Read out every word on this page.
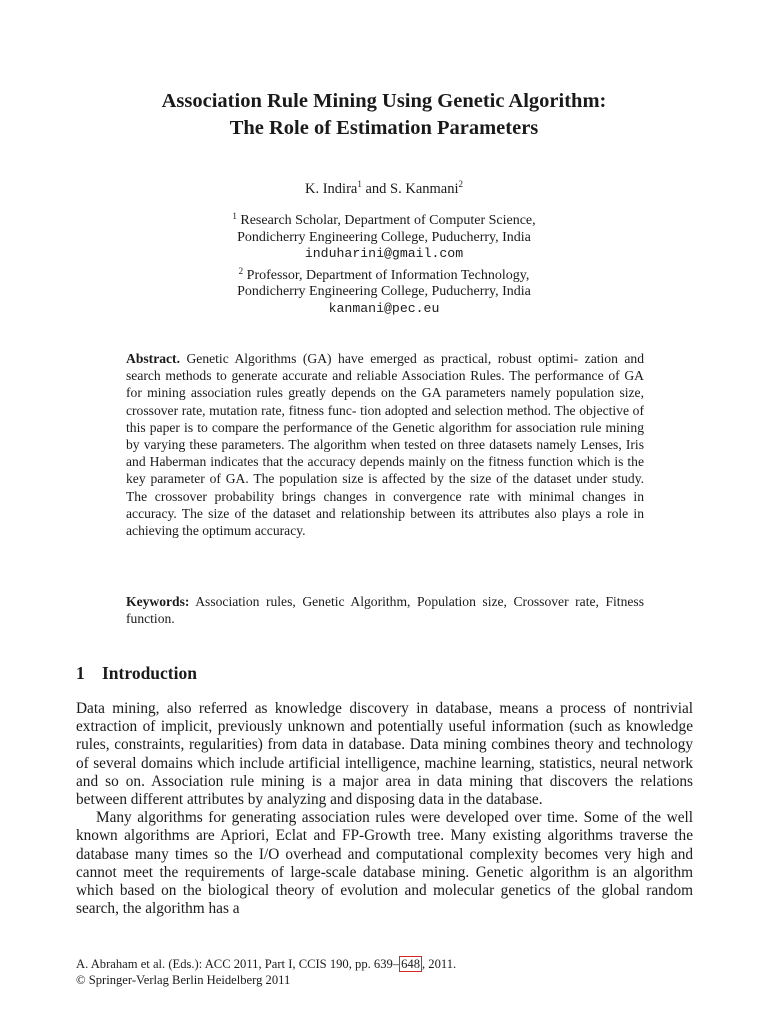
Association Rule Mining Using Genetic Algorithm:
The Role of Estimation Parameters
K. Indira$^1$ and S. Kanmani$^2$
$^1$ Research Scholar, Department of Computer Science,
Pondicherry Engineering College, Puducherry, India
induharini@gmail.com
$^2$ Professor, Department of Information Technology,
Pondicherry Engineering College, Puducherry, India
kanmani@pec.eu

Abstract. Genetic Algorithms (GA) have emerged as practical, robust optimi- zation and search methods to generate accurate and reliable Association Rules. The performance of GA for mining association rules greatly depends on the GA parameters namely population size, crossover rate, mutation rate, fitness func- tion adopted and selection method. The objective of this paper is to compare the performance of the Genetic algorithm for association rule mining by varying these parameters. The algorithm when tested on three datasets namely Lenses, Iris and Haberman indicates that the accuracy depends mainly on the fitness function which is the key parameter of GA. The population size is affected by the size of the dataset under study. The crossover probability brings changes in convergence rate with minimal changes in accuracy. The size of the dataset and relationship between its attributes also plays a role in achieving the optimum accuracy.

Keywords: Association rules, Genetic Algorithm, Population size, Crossover rate, Fitness function.

1 Introduction

Data mining, also referred as knowledge discovery in database, means a process of nontrivial extraction of implicit, previously unknown and potentially useful information (such as knowledge rules, constraints, regularities) from data in database. Data mining combines theory and technology of several domains which include artificial intelligence, machine learning, statistics, neural network and so on. Association rule mining is a major area in data mining that discovers the relations between different attributes by analyzing and disposing data in the database.

Many algorithms for generating association rules were developed over time. Some of the well known algorithms are Apriori, Eclat and FP-Growth tree. Many existing algorithms traverse the database many times so the I/O overhead and computational complexity becomes very high and cannot meet the requirements of large-scale database mining. Genetic algorithm is an algorithm which based on the biological theory of evolution and molecular genetics of the global random search, the algorithm has a

A. Abraham et al. (Eds.): ACC 2011, Part I, CCIS 190, pp. 639– 648 , 2011.
© Springer-Verlag Berlin Heidelberg 2011
